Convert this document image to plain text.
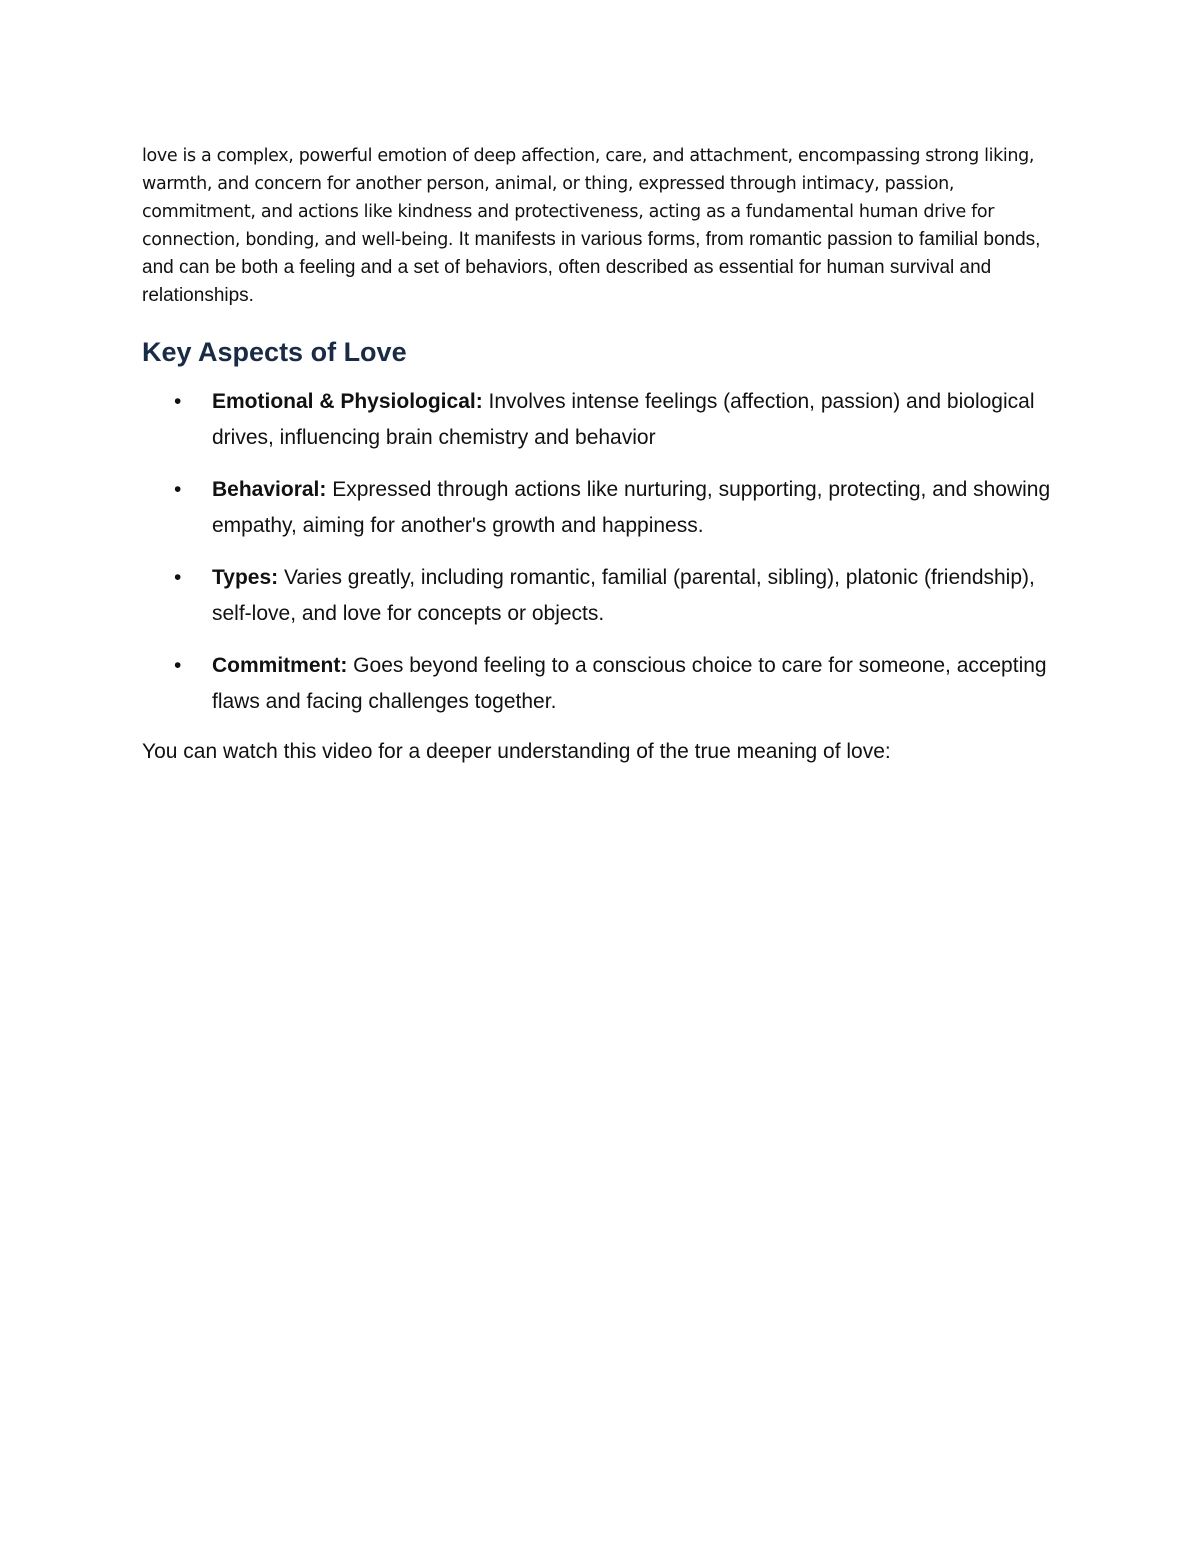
love is a complex, powerful emotion of deep affection, care, and attachment, encompassing strong liking, warmth, and concern for another person, animal, or thing, expressed through intimacy, passion, commitment, and actions like kindness and protectiveness, acting as a fundamental human drive for connection, bonding, and well-being. It manifests in various forms, from romantic passion to familial bonds, and can be both a feeling and a set of behaviors, often described as essential for human survival and relationships.

Key Aspects of Love
• Emotional & Physiological: Involves intense feelings (affection, passion) and biological drives, influencing brain chemistry and behavior
• Behavioral: Expressed through actions like nurturing, supporting, protecting, and showing empathy, aiming for another's growth and happiness.
• Types: Varies greatly, including romantic, familial (parental, sibling), platonic (friendship), self-love, and love for concepts or objects.
• Commitment: Goes beyond feeling to a conscious choice to care for someone, accepting flaws and facing challenges together.

You can watch this video for a deeper understanding of the true meaning of love:
